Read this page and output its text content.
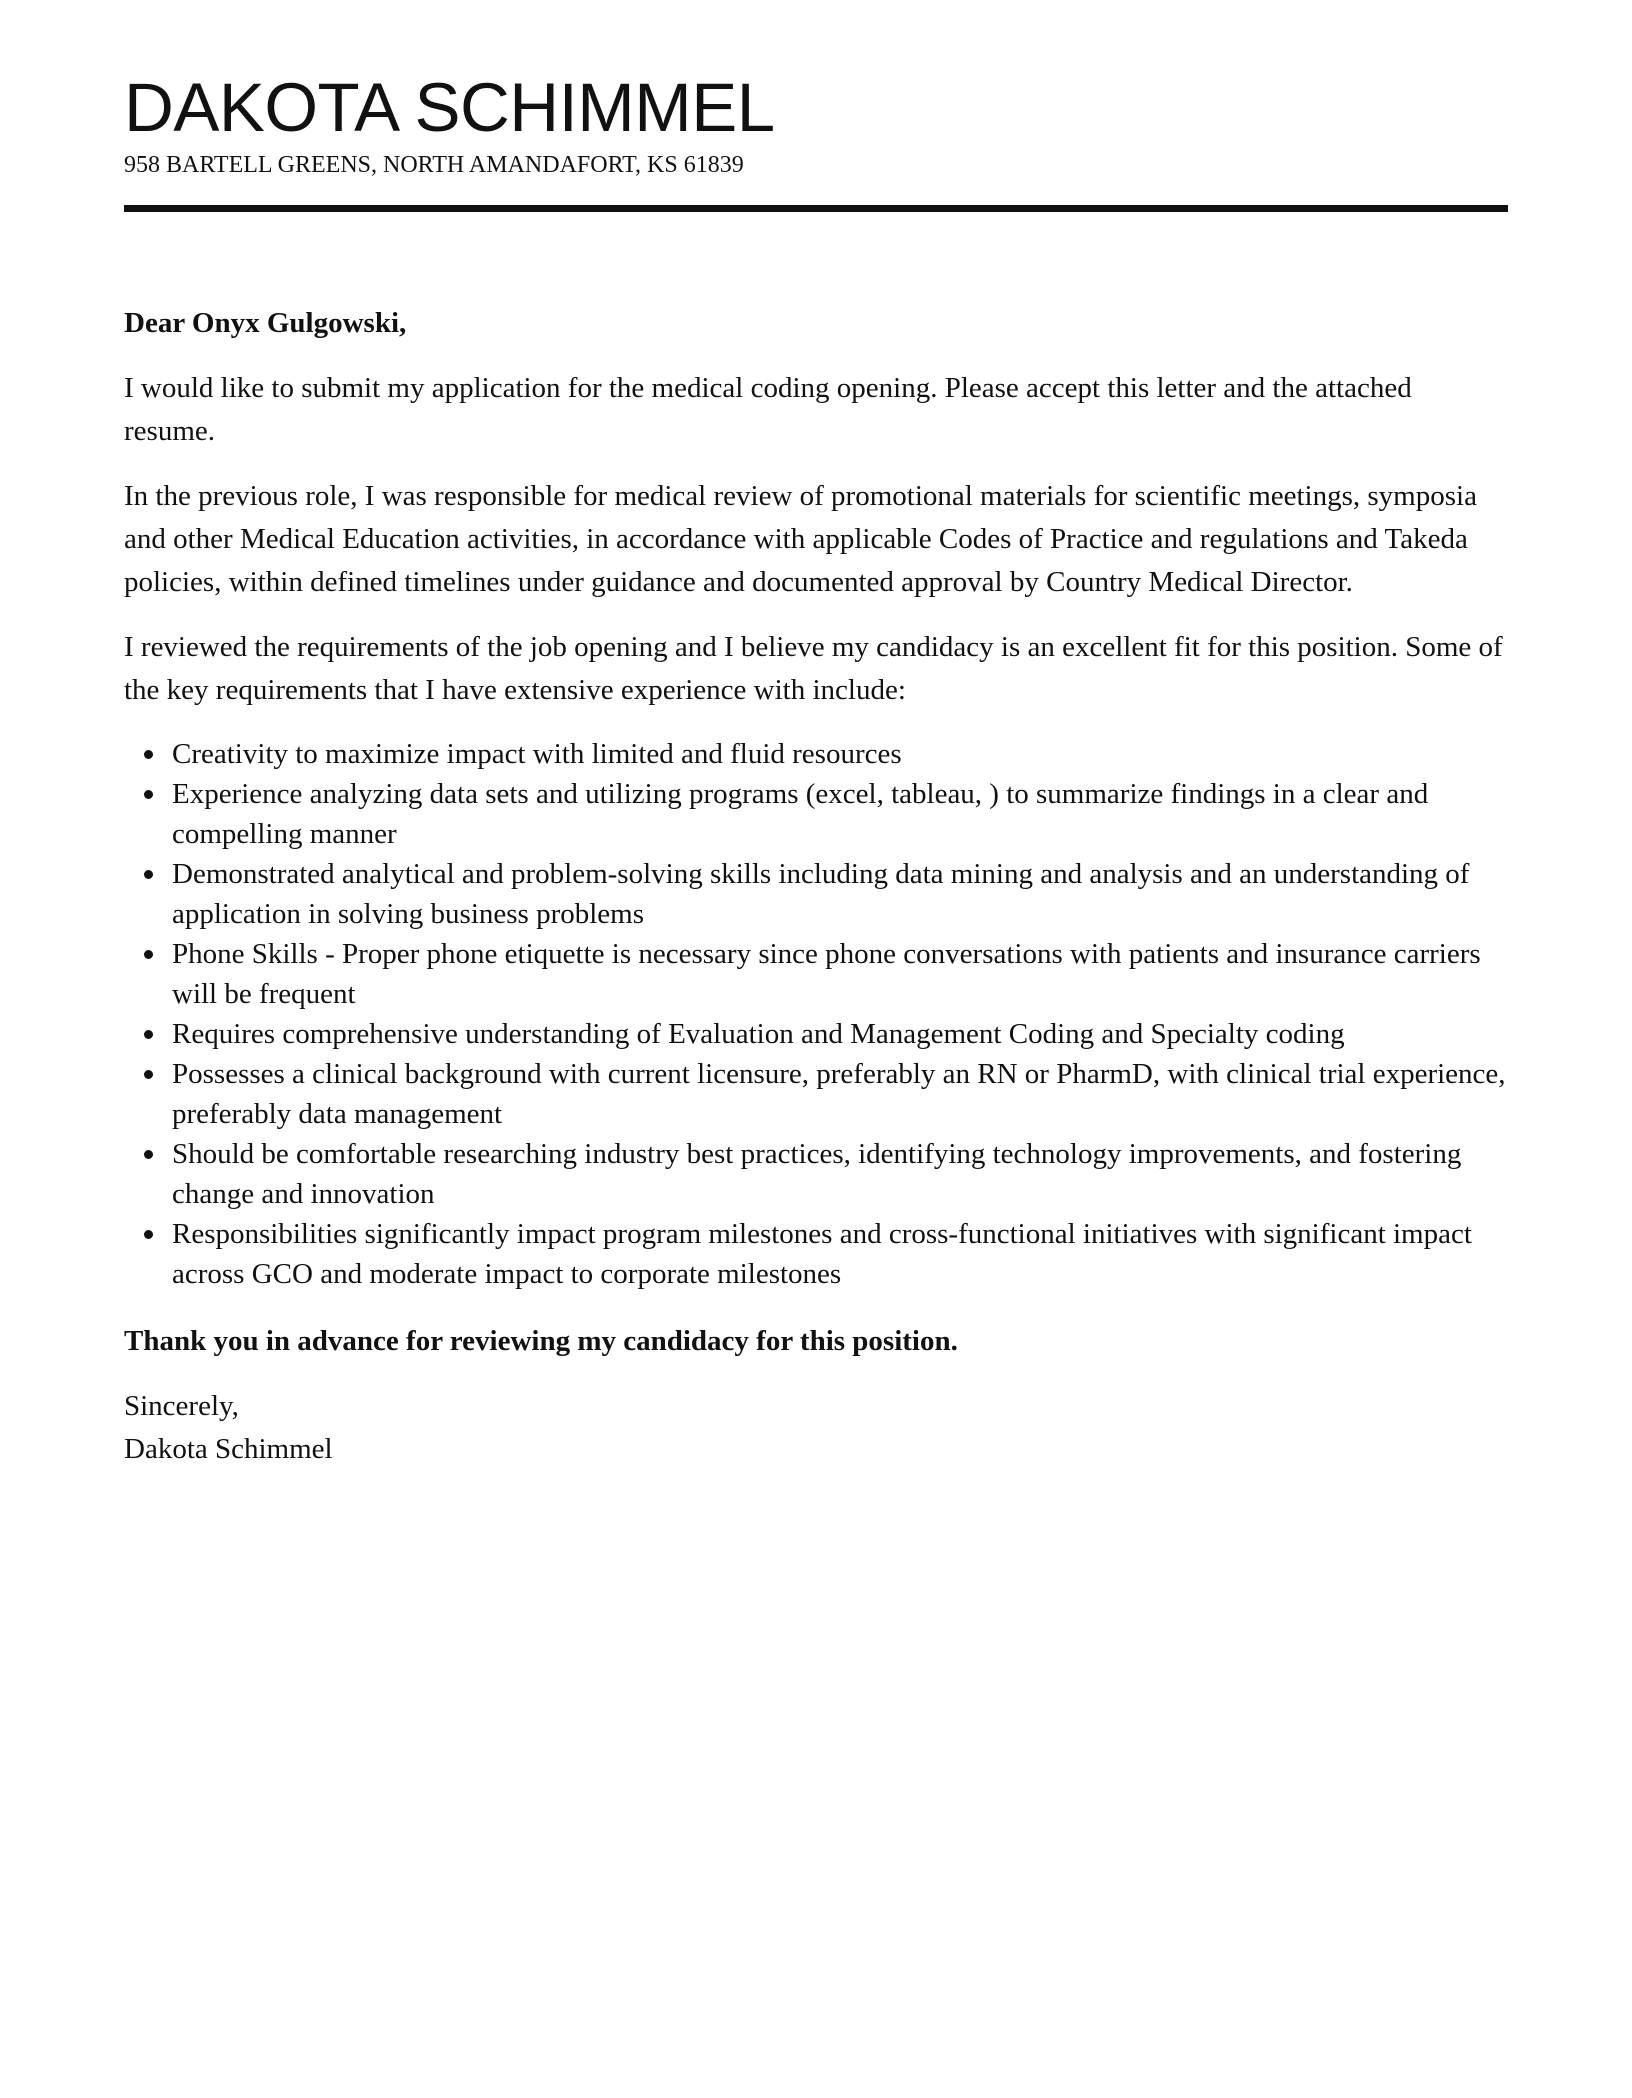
DAKOTA SCHIMMEL
958 BARTELL GREENS, NORTH AMANDAFORT, KS 61839

Dear Onyx Gulgowski,

I would like to submit my application for the medical coding opening. Please accept this letter and the attached resume.

In the previous role, I was responsible for medical review of promotional materials for scientific meetings, symposia and other Medical Education activities, in accordance with applicable Codes of Practice and regulations and Takeda policies, within defined timelines under guidance and documented approval by Country Medical Director.

I reviewed the requirements of the job opening and I believe my candidacy is an excellent fit for this position. Some of the key requirements that I have extensive experience with include:

Creativity to maximize impact with limited and fluid resources
Experience analyzing data sets and utilizing programs (excel, tableau, ) to summarize findings in a clear and compelling manner
Demonstrated analytical and problem-solving skills including data mining and analysis and an understanding of application in solving business problems
Phone Skills - Proper phone etiquette is necessary since phone conversations with patients and insurance carriers will be frequent
Requires comprehensive understanding of Evaluation and Management Coding and Specialty coding
Possesses a clinical background with current licensure, preferably an RN or PharmD, with clinical trial experience, preferably data management
Should be comfortable researching industry best practices, identifying technology improvements, and fostering change and innovation
Responsibilities significantly impact program milestones and cross-functional initiatives with significant impact across GCO and moderate impact to corporate milestones

Thank you in advance for reviewing my candidacy for this position.

Sincerely,
Dakota Schimmel
